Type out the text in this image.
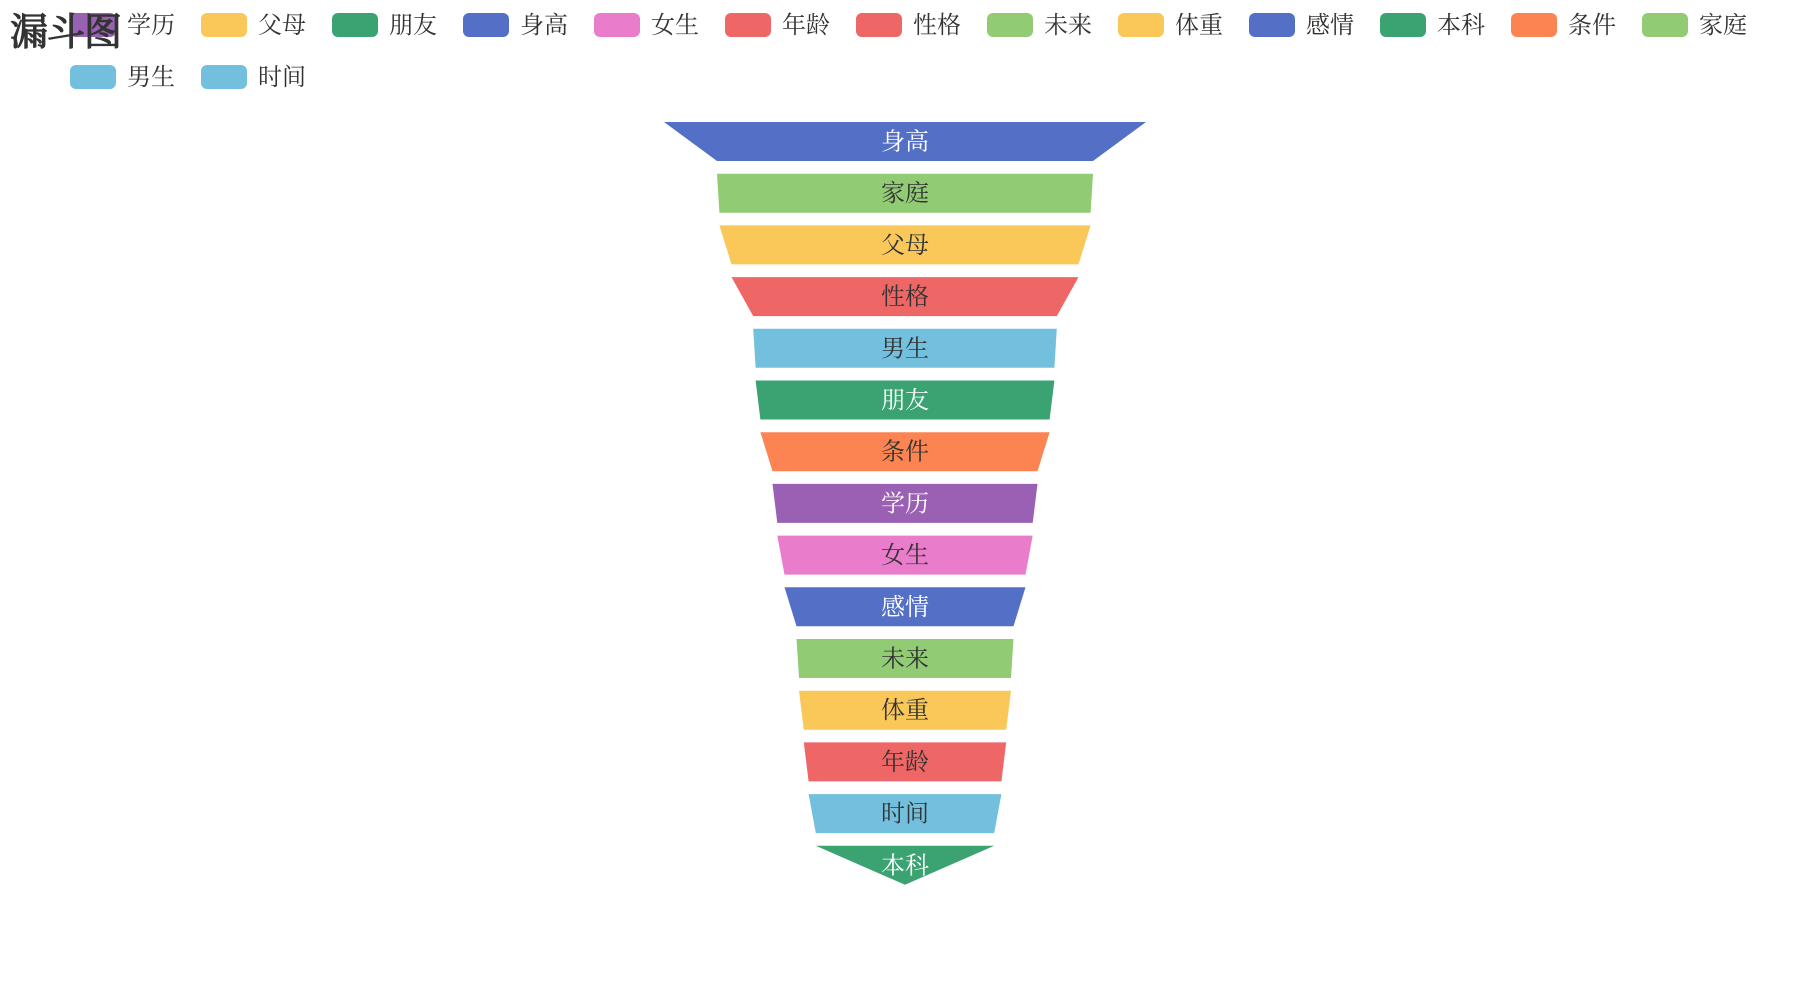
漏斗图 学历	父母	朋友	身高	女生	年龄	性格	未来	体重	感情	本科	条件	家庭
男生	时间
身高
家庭
父母
性格
男生
朋友
条件
学历
女生
感情
未来
体重
年龄
时间
本科
